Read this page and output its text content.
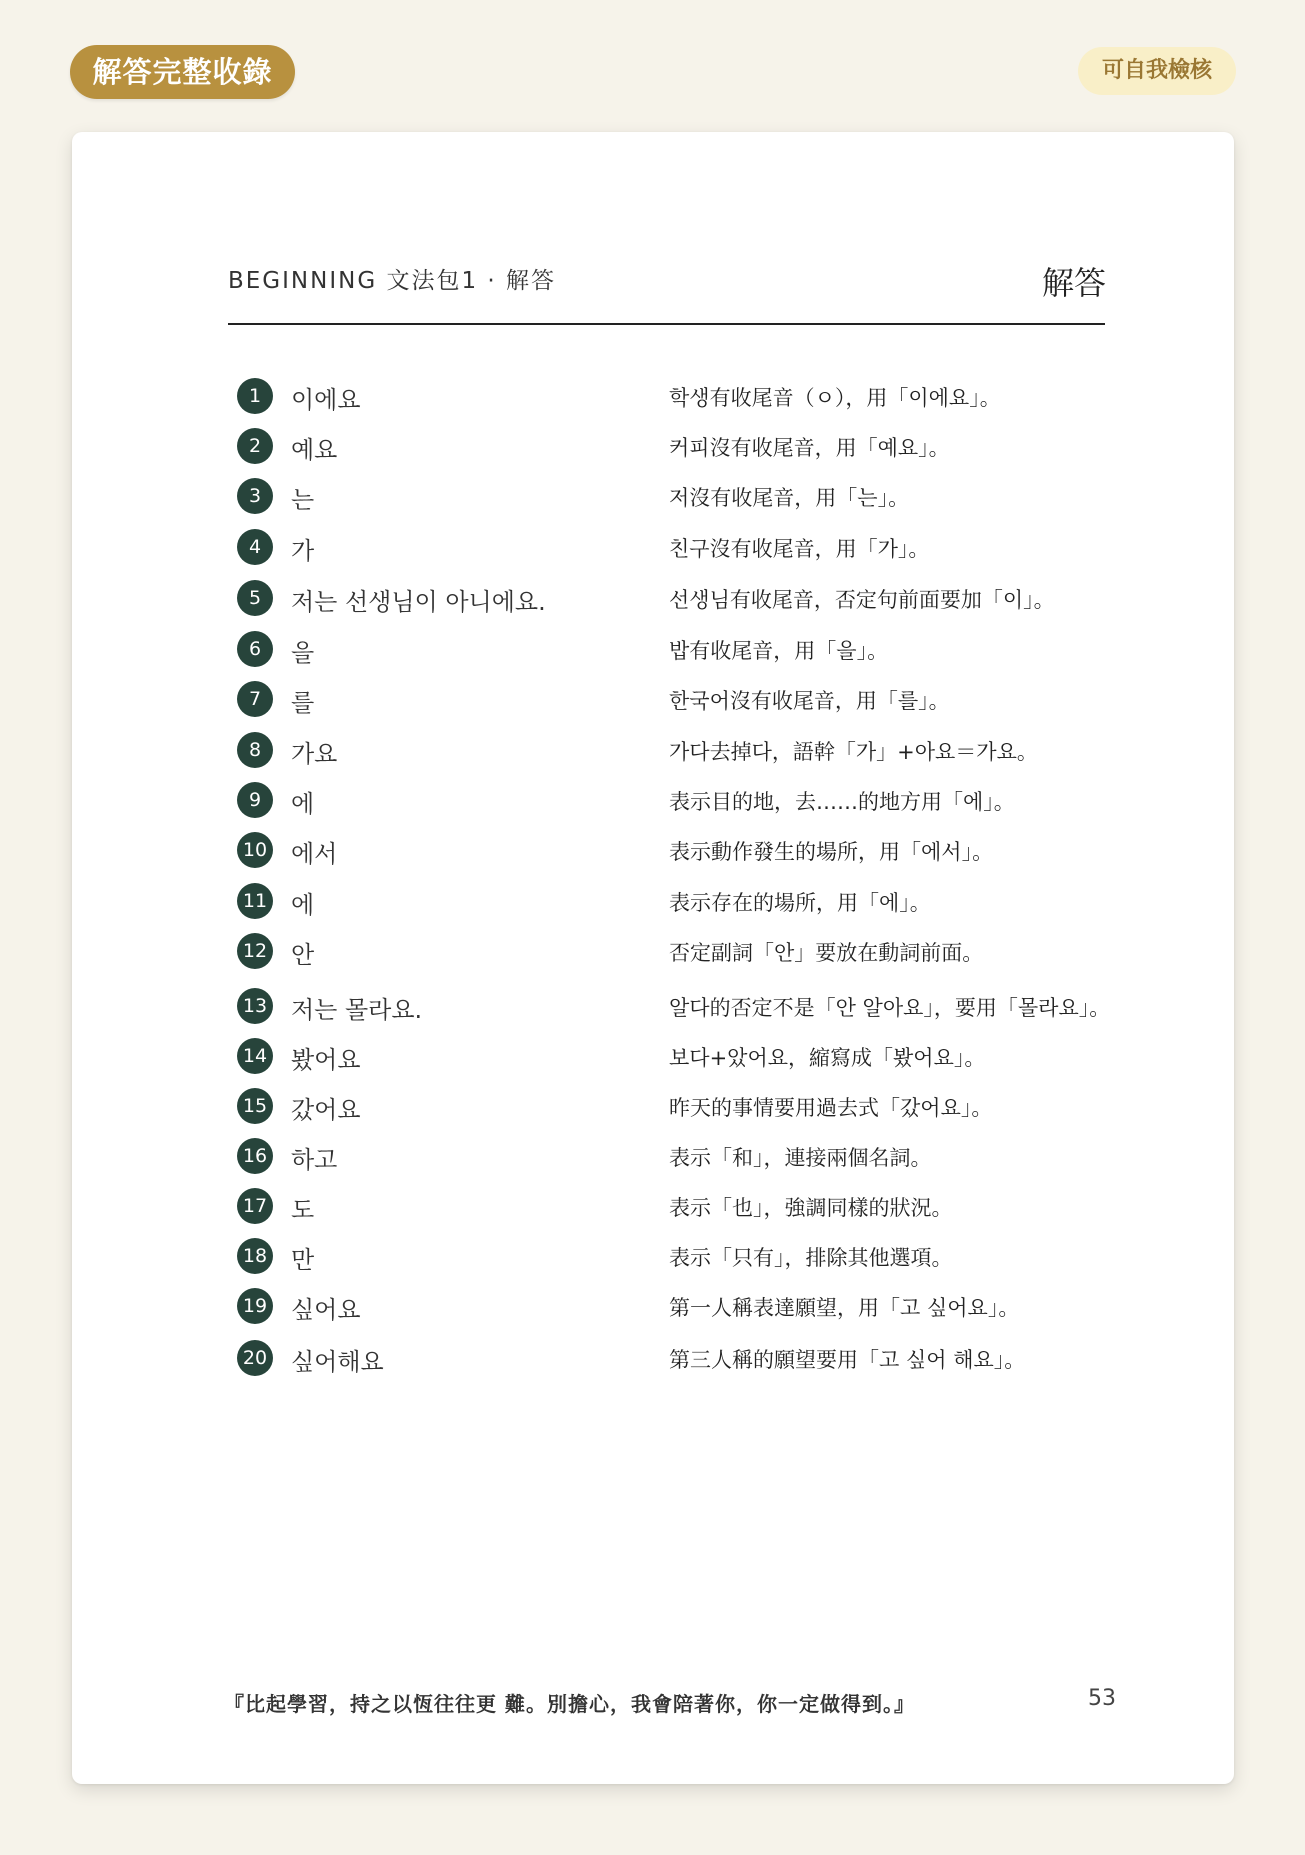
解答完整收錄	可自我檢核
BEGINNING 文法包1 · 解答	解答
1	이에요	학생有收尾音（ㅇ），用「이에요」。
2	예요	커피沒有收尾音，用「예요」。
3	는	저沒有收尾音，用「는」。
4	가	친구沒有收尾音，用「가」。
5	저는 선생님이 아니에요.	선생님有收尾音，否定句前面要加「이」。
6	을	밥有收尾音，用「을」。
7	를	한국어沒有收尾音，用「를」。
8	가요	가다去掉다，語幹「가」+아요＝가요。
9	에	表示目的地，去……的地方用「에」。
10 에서	表示動作發生的場所，用「에서」。
11 에	表示存在的場所，用「에」。
12 안	否定副詞「안」要放在動詞前面。
13 저는 몰라요.	알다的否定不是「안 알아요」，要用「몰라요」。
14 봤어요	보다+았어요，縮寫成「봤어요」。
15 갔어요	昨天的事情要用過去式「갔어요」。
16 하고	表示「和」，連接兩個名詞。
17 도	表示「也」，強調同樣的狀況。
18 만	表示「只有」，排除其他選項。
19 싶어요	第一人稱表達願望，用「고 싶어요」。
20 싶어해요	第三人稱的願望要用「고 싶어 해요」。
『比起學習，持之以恆往往更 難。別擔心，我會陪著你，你一定做得到。』	53
